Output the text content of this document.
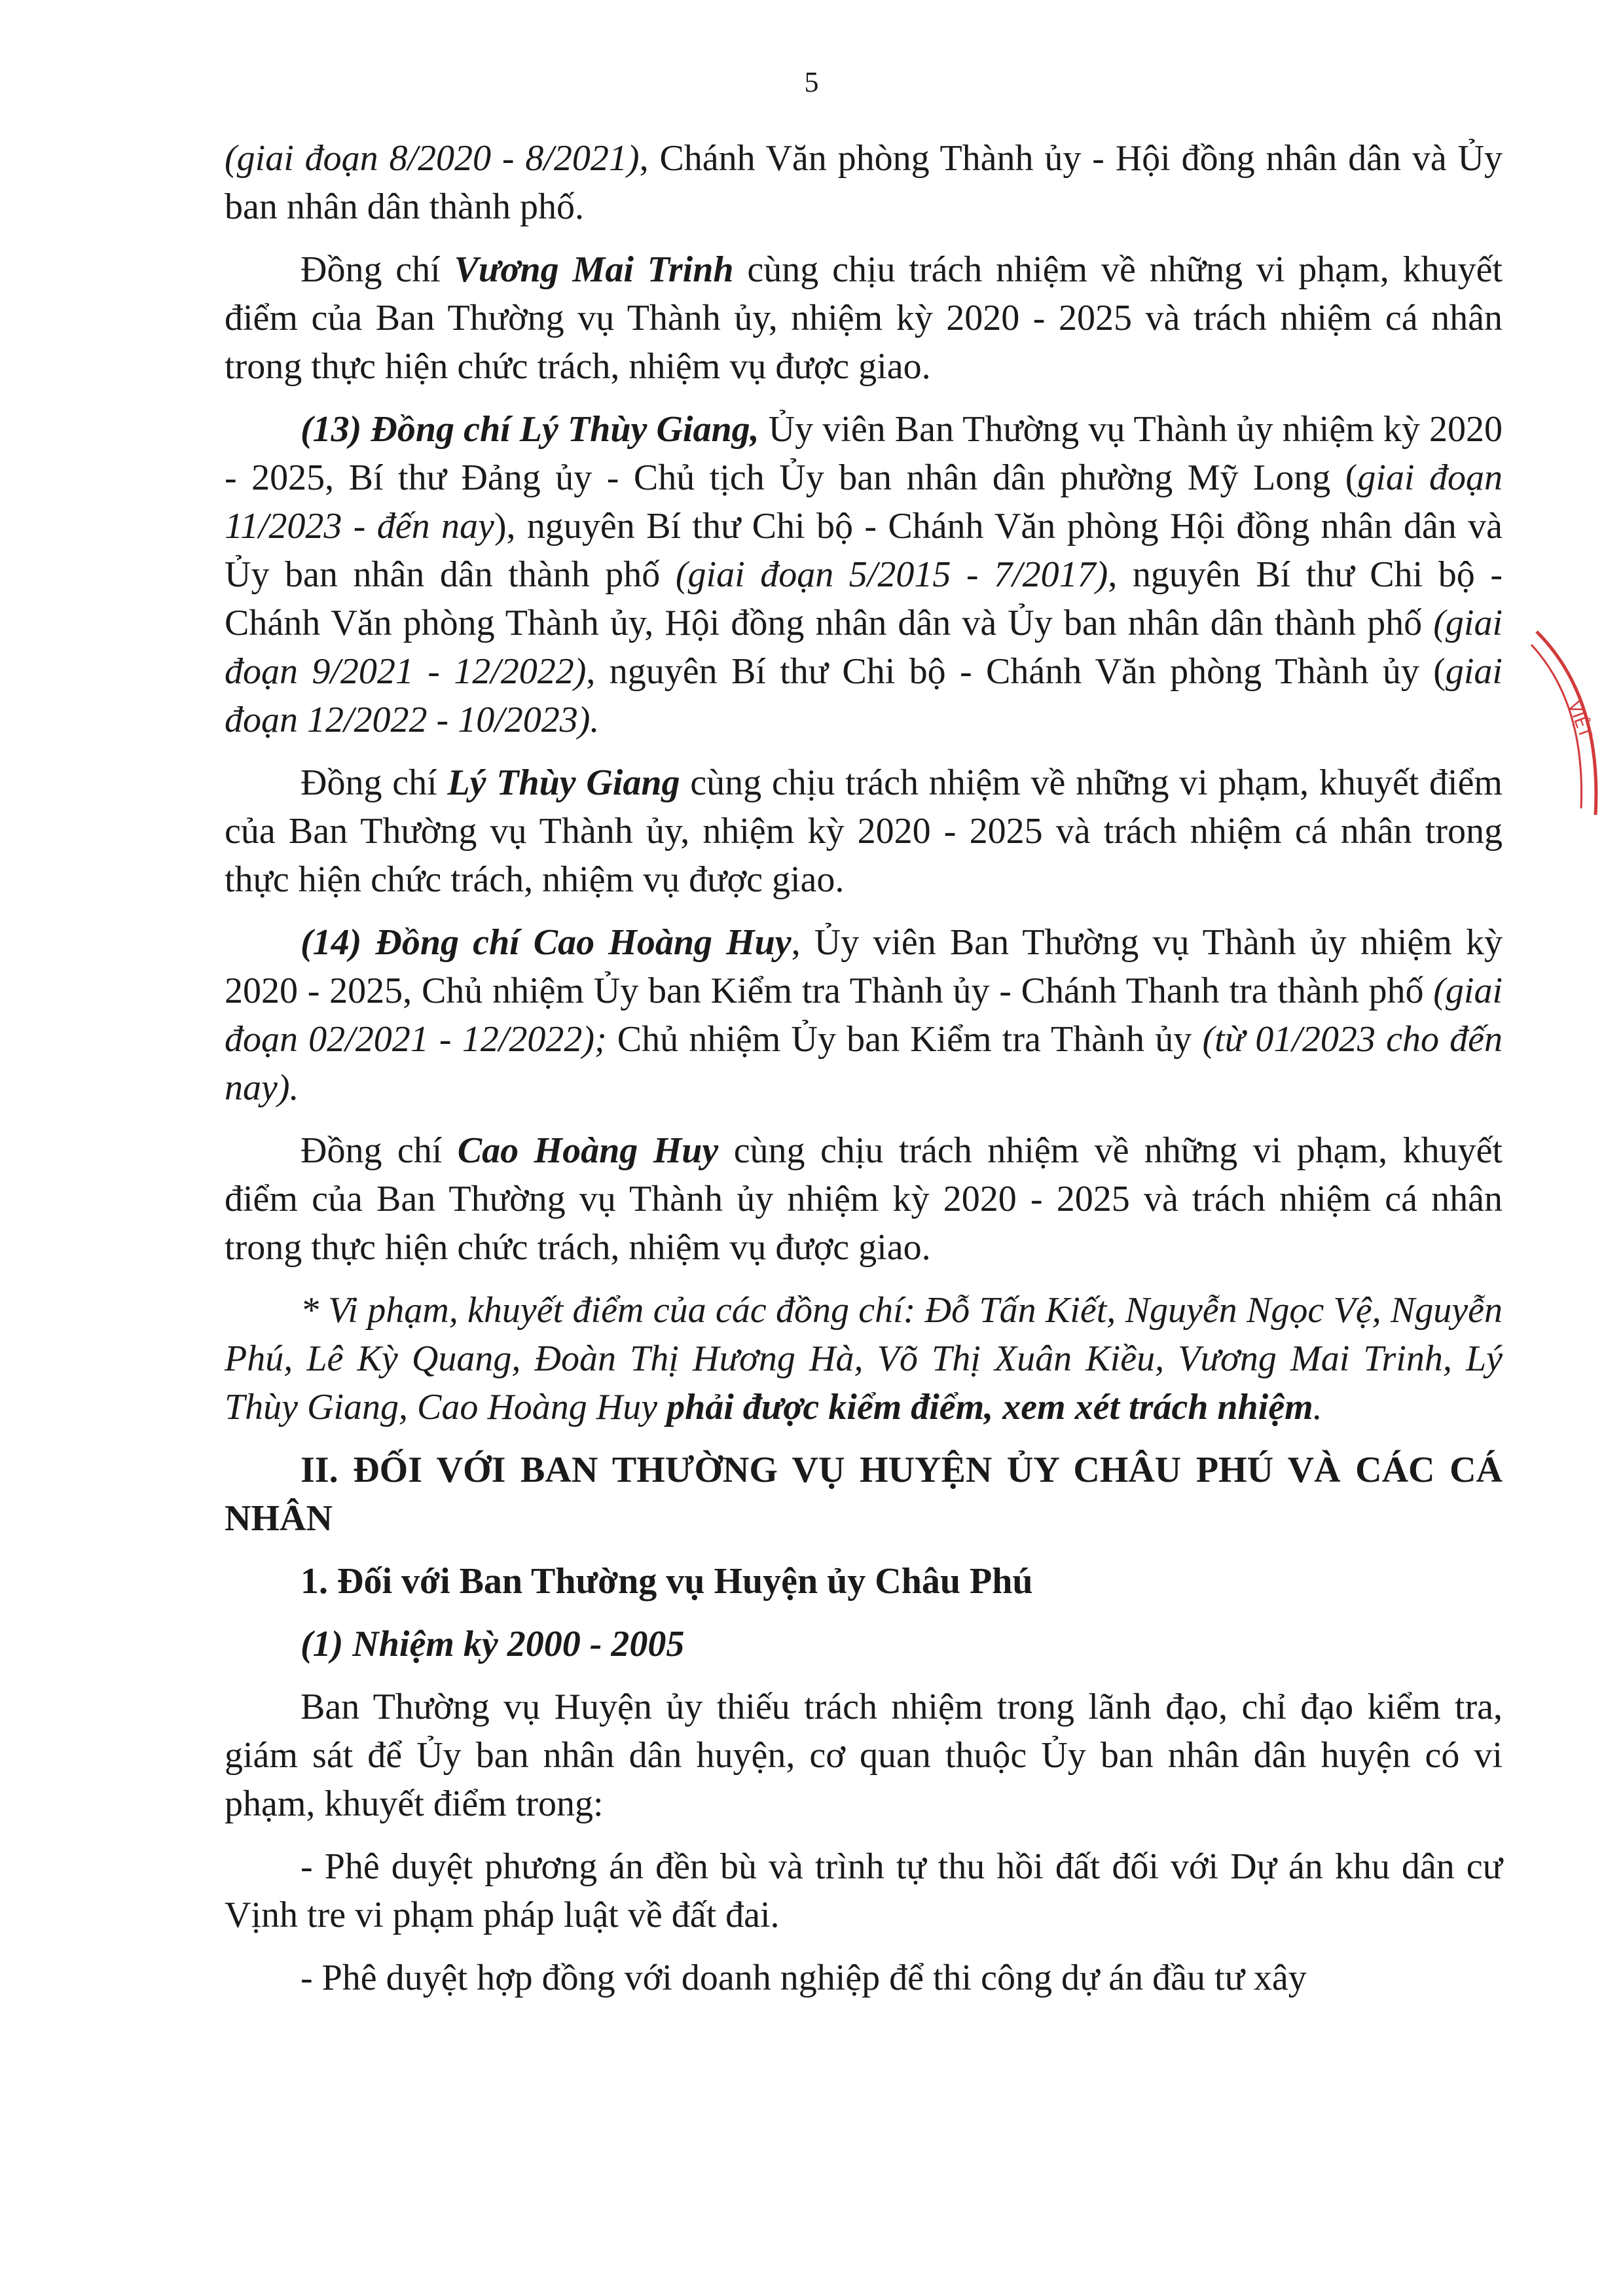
5

(giai đoạn 8/2020 - 8/2021), Chánh Văn phòng Thành ủy - Hội đồng nhân dân và Ủy ban nhân dân thành phố.

Đồng chí Vương Mai Trinh cùng chịu trách nhiệm về những vi phạm, khuyết điểm của Ban Thường vụ Thành ủy, nhiệm kỳ 2020 - 2025 và trách nhiệm cá nhân trong thực hiện chức trách, nhiệm vụ được giao.

(13) Đồng chí Lý Thùy Giang, Ủy viên Ban Thường vụ Thành ủy nhiệm kỳ 2020 - 2025, Bí thư Đảng ủy - Chủ tịch Ủy ban nhân dân phường Mỹ Long (giai đoạn 11/2023 - đến nay), nguyên Bí thư Chi bộ - Chánh Văn phòng Hội đồng nhân dân và Ủy ban nhân dân thành phố (giai đoạn 5/2015 - 7/2017), nguyên Bí thư Chi bộ - Chánh Văn phòng Thành ủy, Hội đồng nhân dân và Ủy ban nhân dân thành phố (giai đoạn 9/2021 - 12/2022), nguyên Bí thư Chi bộ - Chánh Văn phòng Thành ủy (giai đoạn 12/2022 - 10/2023).

Đồng chí Lý Thùy Giang cùng chịu trách nhiệm về những vi phạm, khuyết điểm của Ban Thường vụ Thành ủy, nhiệm kỳ 2020 - 2025 và trách nhiệm cá nhân trong thực hiện chức trách, nhiệm vụ được giao.

(14) Đồng chí Cao Hoàng Huy, Ủy viên Ban Thường vụ Thành ủy nhiệm kỳ 2020 - 2025, Chủ nhiệm Ủy ban Kiểm tra Thành ủy - Chánh Thanh tra thành phố (giai đoạn 02/2021 - 12/2022); Chủ nhiệm Ủy ban Kiểm tra Thành ủy (từ 01/2023 cho đến nay).

Đồng chí Cao Hoàng Huy cùng chịu trách nhiệm về những vi phạm, khuyết điểm của Ban Thường vụ Thành ủy nhiệm kỳ 2020 - 2025 và trách nhiệm cá nhân trong thực hiện chức trách, nhiệm vụ được giao.

* Vi phạm, khuyết điểm của các đồng chí: Đỗ Tấn Kiết, Nguyễn Ngọc Vệ, Nguyễn Phú, Lê Kỳ Quang, Đoàn Thị Hương Hà, Võ Thị Xuân Kiều, Vương Mai Trinh, Lý Thùy Giang, Cao Hoàng Huy phải được kiểm điểm, xem xét trách nhiệm.

II. ĐỐI VỚI BAN THƯỜNG VỤ HUYỆN ỦY CHÂU PHÚ VÀ CÁC CÁ NHÂN

1. Đối với Ban Thường vụ Huyện ủy Châu Phú

(1) Nhiệm kỳ 2000 - 2005

Ban Thường vụ Huyện ủy thiếu trách nhiệm trong lãnh đạo, chỉ đạo kiểm tra, giám sát để Ủy ban nhân dân huyện, cơ quan thuộc Ủy ban nhân dân huyện có vi phạm, khuyết điểm trong:

- Phê duyệt phương án đền bù và trình tự thu hồi đất đối với Dự án khu dân cư Vịnh tre vi phạm pháp luật về đất đai.

- Phê duyệt hợp đồng với doanh nghiệp để thi công dự án đầu tư xây

VIỆT
